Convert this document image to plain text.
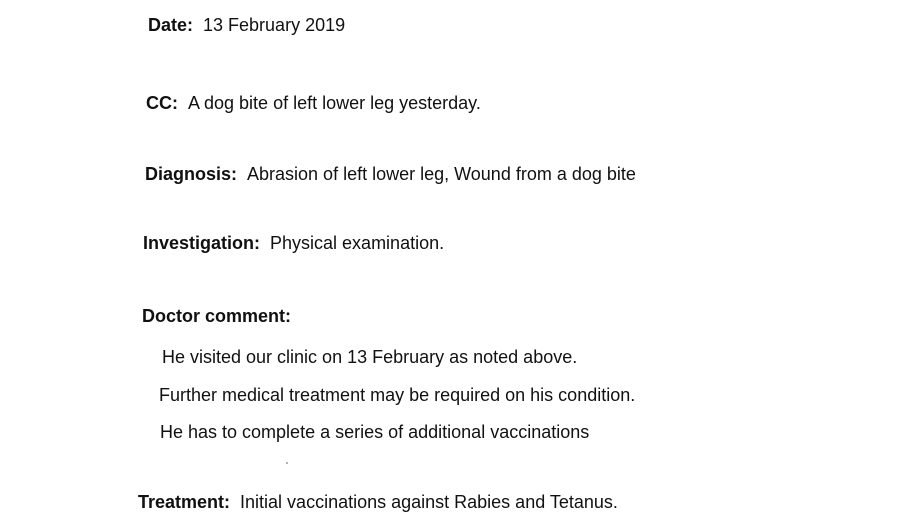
Date: 13 February 2019
CC: A dog bite of left lower leg yesterday.
Diagnosis: Abrasion of left lower leg, Wound from a dog bite
Investigation: Physical examination.
Doctor comment:
He visited our clinic on 13 February as noted above.
Further medical treatment may be required on his condition.
He has to complete a series of additional vaccinations
Treatment: Initial vaccinations against Rabies and Tetanus.
